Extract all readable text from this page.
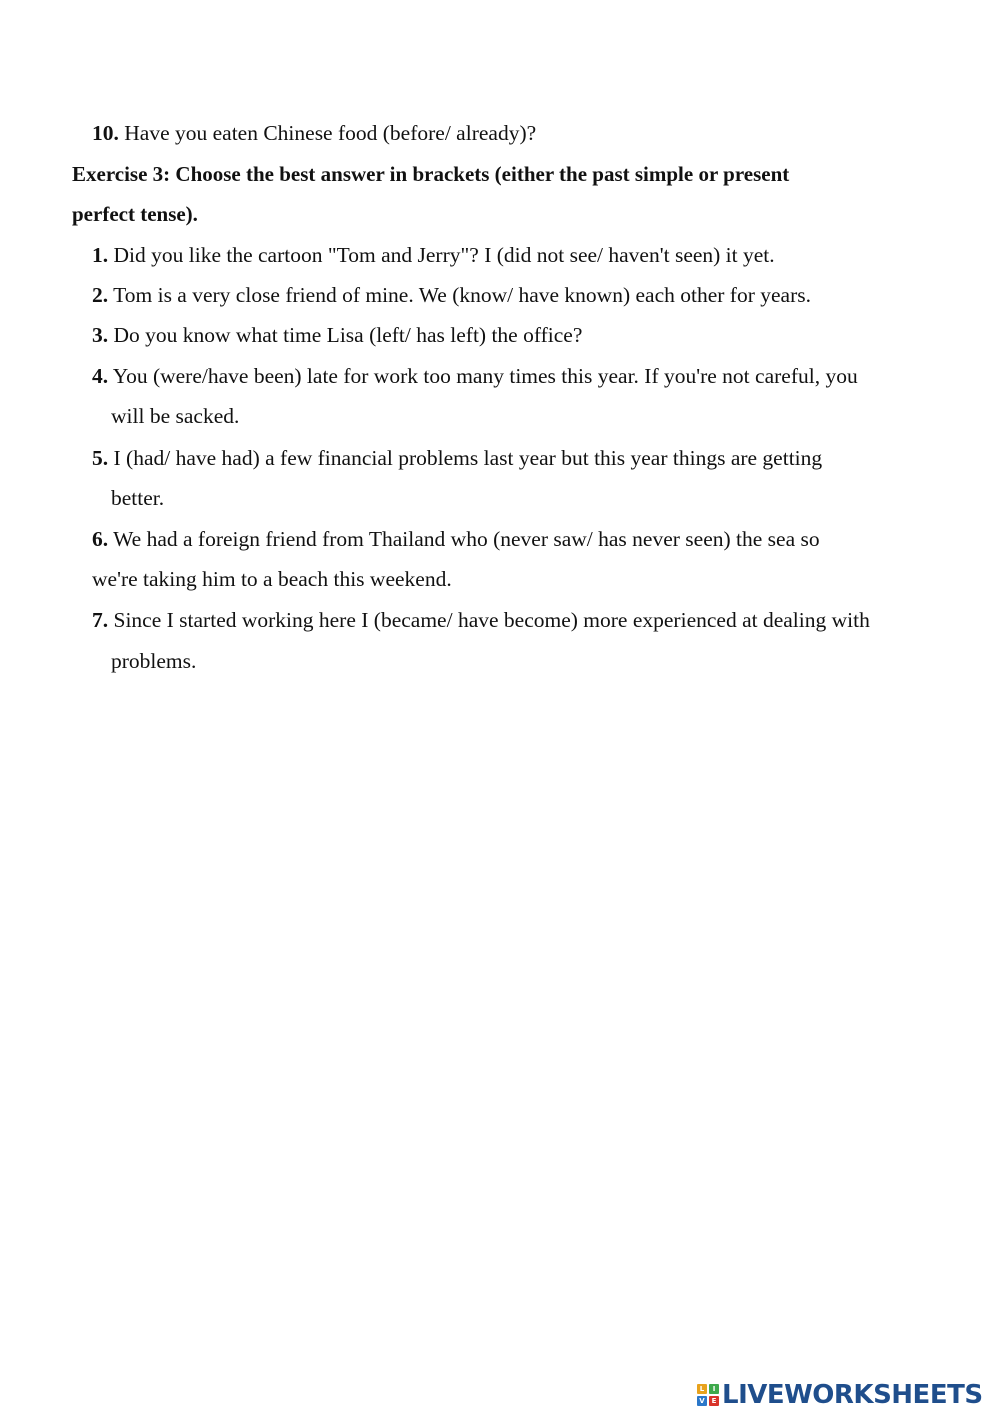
10. Have you eaten Chinese food (before/ already)?
Exercise 3: Choose the best answer in brackets (either the past simple or present
perfect tense).
1. Did you like the cartoon "Tom and Jerry"? I (did not see/ haven't seen) it yet.
2. Tom is a very close friend of mine. We (know/ have known) each other for years.
3. Do you know what time Lisa (left/ has left) the office?
4. You (were/have been) late for work too many times this year. If you're not careful, you
will be sacked.
5. I (had/ have had) a few financial problems last year but this year things are getting
better.
6. We had a foreign friend from Thailand who (never saw/ has never seen) the sea so
we're taking him to a beach this weekend.
7. Since I started working here I (became/ have become) more experienced at dealing with
problems.
L	I
V E LIVEWORKSHEETS
